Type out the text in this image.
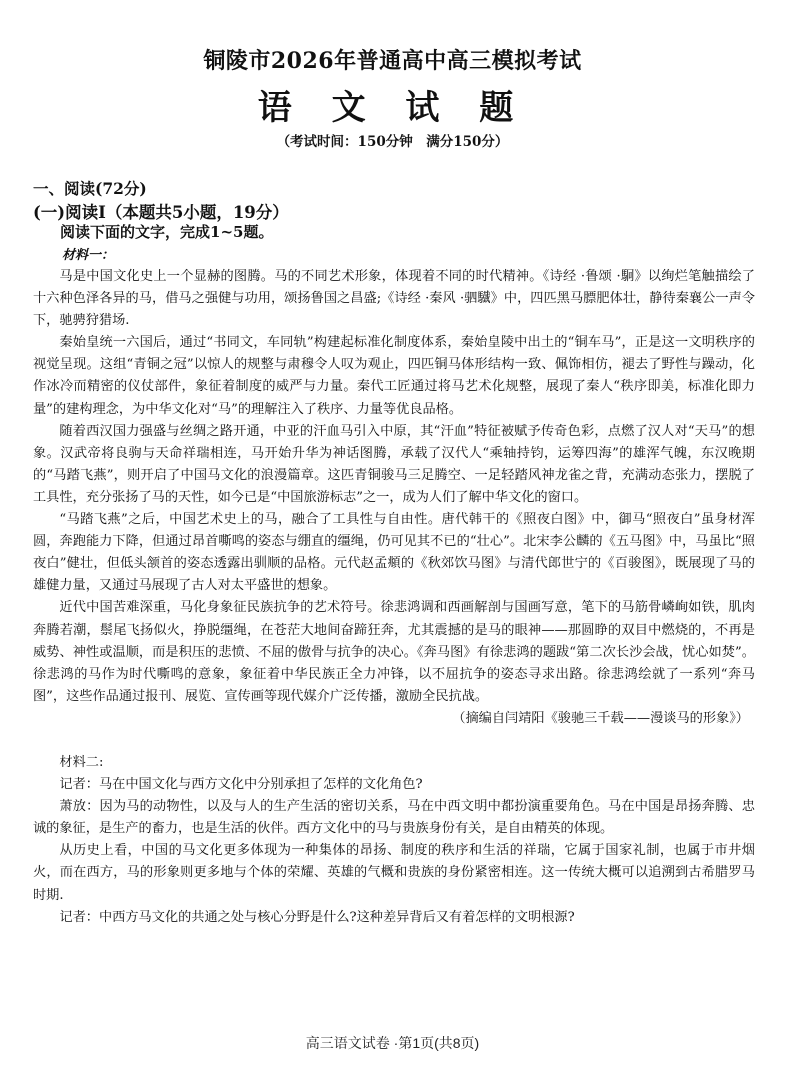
铜陵市2026年普通高中高三模拟考试
语 文 试 题
（考试时间：150分钟　满分150分）
一、阅读(72分)
(一)阅读I（本题共5小题，19分）
阅读下面的文字，完成1~5题。
材料一：

马是中国文化史上一个显赫的图腾。马的不同艺术形象，体现着不同的时代精神。《诗经 ·鲁颂 ·駉》以绚烂笔触描绘了十六种色泽各异的马，借马之强健与功用，颂扬鲁国之昌盛;《诗经 ·秦风 ·驷驖》中，四匹黑马膘肥体壮，静待秦襄公一声令下，驰骋狩猎场.

秦始皇统一六国后，通过“书同文，车同轨”构建起标准化制度体系，秦始皇陵中出土的“铜车马”，正是这一文明秩序的视觉呈现。这组“青铜之冠”以惊人的规整与肃穆令人叹为观止，四匹铜马体形结构一致、佩饰相仿，褪去了野性与躁动，化作冰冷而精密的仪仗部件，象征着制度的威严与力量。秦代工匠通过将马艺术化规整，展现了秦人“秩序即美，标准化即力量”的建构理念，为中华文化对“马”的理解注入了秩序、力量等优良品格。

随着西汉国力强盛与丝绸之路开通，中亚的汗血马引入中原，其“汗血”特征被赋予传奇色彩，点燃了汉人对“天马”的想象。汉武帝将良驹与天命祥瑞相连，马开始升华为神话图腾，承载了汉代人“乘轴持钧，运筹四海”的雄浑气魄，东汉晚期的“马踏飞燕”，则开启了中国马文化的浪漫篇章。这匹青铜骏马三足腾空、一足轻踏风神龙雀之背，充满动态张力，摆脱了工具性，充分张扬了马的天性，如今已是“中国旅游标志”之一，成为人们了解中华文化的窗口。

“马踏飞燕”之后，中国艺术史上的马，融合了工具性与自由性。唐代韩干的《照夜白图》中，御马“照夜白”虽身材浑圆，奔跑能力下降，但通过昂首嘶鸣的姿态与绷直的缰绳，仍可见其不已的“壮心”。北宋李公麟的《五马图》中，马虽比“照夜白”健壮，但低头颔首的姿态透露出驯顺的品格。元代赵孟頫的《秋郊饮马图》与清代郎世宁的《百骏图》，既展现了马的雄健力量，又通过马展现了古人对太平盛世的想象。

近代中国苦难深重，马化身象征民族抗争的艺术符号。徐悲鸿调和西画解剖与国画写意，笔下的马筋骨嶙峋如铁，肌肉奔腾若潮，鬃尾飞扬似火，挣脱缰绳，在苍茫大地间奋蹄狂奔，尤其震撼的是马的眼神——那圆睁的双目中燃烧的，不再是威势、神性或温顺，而是积压的悲愤、不屈的傲骨与抗争的决心。《奔马图》有徐悲鸿的题跋“第二次长沙会战，忧心如焚”。徐悲鸿的马作为时代嘶鸣的意象，象征着中华民族正全力冲锋，以不屈抗争的姿态寻求出路。徐悲鸿绘就了一系列“奔马图”，这些作品通过报刊、展览、宣传画等现代媒介广泛传播，激励全民抗战。

（摘编自闫靖阳《骏驰三千载——漫谈马的形象》）

材料二:

记者：马在中国文化与西方文化中分别承担了怎样的文化角色?

萧放：因为马的动物性，以及与人的生产生活的密切关系，马在中西文明中都扮演重要角色。马在中国是昂扬奔腾、忠诚的象征，是生产的畜力，也是生活的伙伴。西方文化中的马与贵族身份有关，是自由精英的体现。

从历史上看，中国的马文化更多体现为一种集体的昂扬、制度的秩序和生活的祥瑞，它属于国家礼制，也属于市井烟火，而在西方，马的形象则更多地与个体的荣耀、英雄的气概和贵族的身份紧密相连。这一传统大概可以追溯到古希腊罗马时期.

记者：中西方马文化的共通之处与核心分野是什么?这种差异背后又有着怎样的文明根源?

高三语文试卷 ·第1页(共8页)
